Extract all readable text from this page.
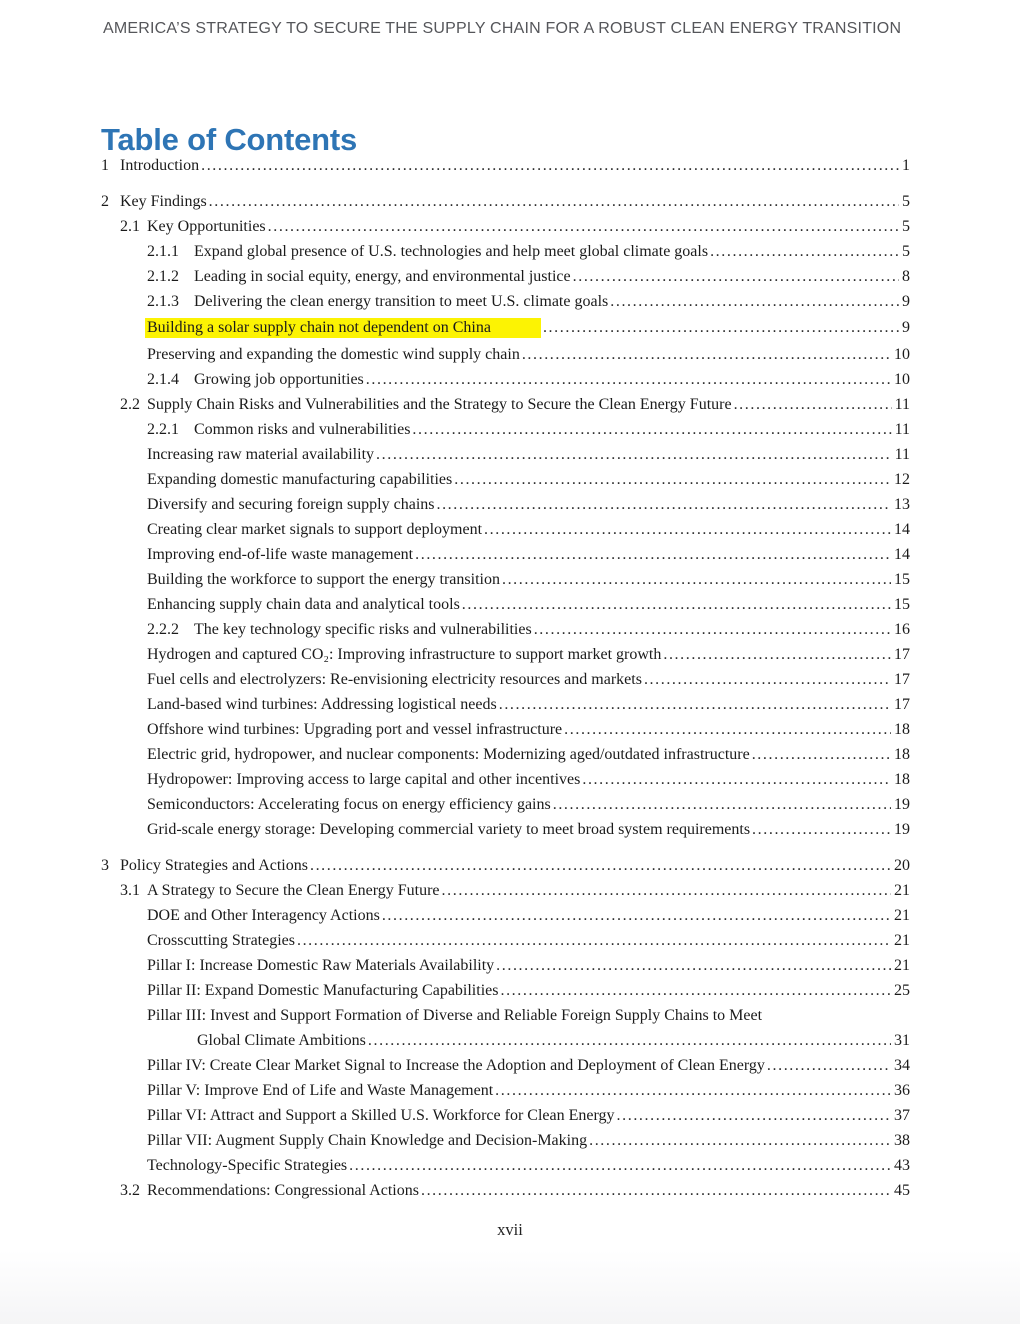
AMERICA’S STRATEGY TO SECURE THE SUPPLY CHAIN FOR A ROBUST CLEAN ENERGY TRANSITION
Table of Contents
1 Introduction .....	1
2 Key Findings .....	5
2.1 Key Opportunities .....	5
2.1.1 Expand global presence of U.S. technologies and help meet global climate goals .....	5
2.1.2 Leading in social equity, energy, and environmental justice .....	8
2.1.3 Delivering the clean energy transition to meet U.S. climate goals .....	9
Building a solar supply chain not dependent on China .....	9
Preserving and expanding the domestic wind supply chain .....	10
2.1.4 Growing job opportunities .....	10
2.2 Supply Chain Risks and Vulnerabilities and the Strategy to Secure the Clean Energy Future .....	11
2.2.1 Common risks and vulnerabilities .....	11
Increasing raw material availability .....	11
Expanding domestic manufacturing capabilities .....	12
Diversify and securing foreign supply chains .....	13
Creating clear market signals to support deployment .....	14
Improving end-of-life waste management .....	14
Building the workforce to support the energy transition .....	15
Enhancing supply chain data and analytical tools .....	15
2.2.2 The key technology specific risks and vulnerabilities .....	16
Hydrogen and captured CO₂: Improving infrastructure to support market growth .....	17
Fuel cells and electrolyzers: Re-envisioning electricity resources and markets .....	17
Land-based wind turbines: Addressing logistical needs .....	17
Offshore wind turbines: Upgrading port and vessel infrastructure .....	18
Electric grid, hydropower, and nuclear components: Modernizing aged/outdated infrastructure .....	18
Hydropower: Improving access to large capital and other incentives .....	18
Semiconductors: Accelerating focus on energy efficiency gains .....	19
Grid-scale energy storage: Developing commercial variety to meet broad system requirements .....	19
3 Policy Strategies and Actions .....	20
3.1 A Strategy to Secure the Clean Energy Future .....	21
DOE and Other Interagency Actions .....	21
Crosscutting Strategies .....	21
Pillar I: Increase Domestic Raw Materials Availability .....	21
Pillar II: Expand Domestic Manufacturing Capabilities .....	25
Pillar III: Invest and Support Formation of Diverse and Reliable Foreign Supply Chains to Meet
Global Climate Ambitions .....	31
Pillar IV: Create Clear Market Signal to Increase the Adoption and Deployment of Clean Energy .....	34
Pillar V: Improve End of Life and Waste Management .....	36
Pillar VI: Attract and Support a Skilled U.S. Workforce for Clean Energy .....	37
Pillar VII: Augment Supply Chain Knowledge and Decision-Making .....	38
Technology-Specific Strategies .....	43
3.2 Recommendations: Congressional Actions .....	45
xvii
